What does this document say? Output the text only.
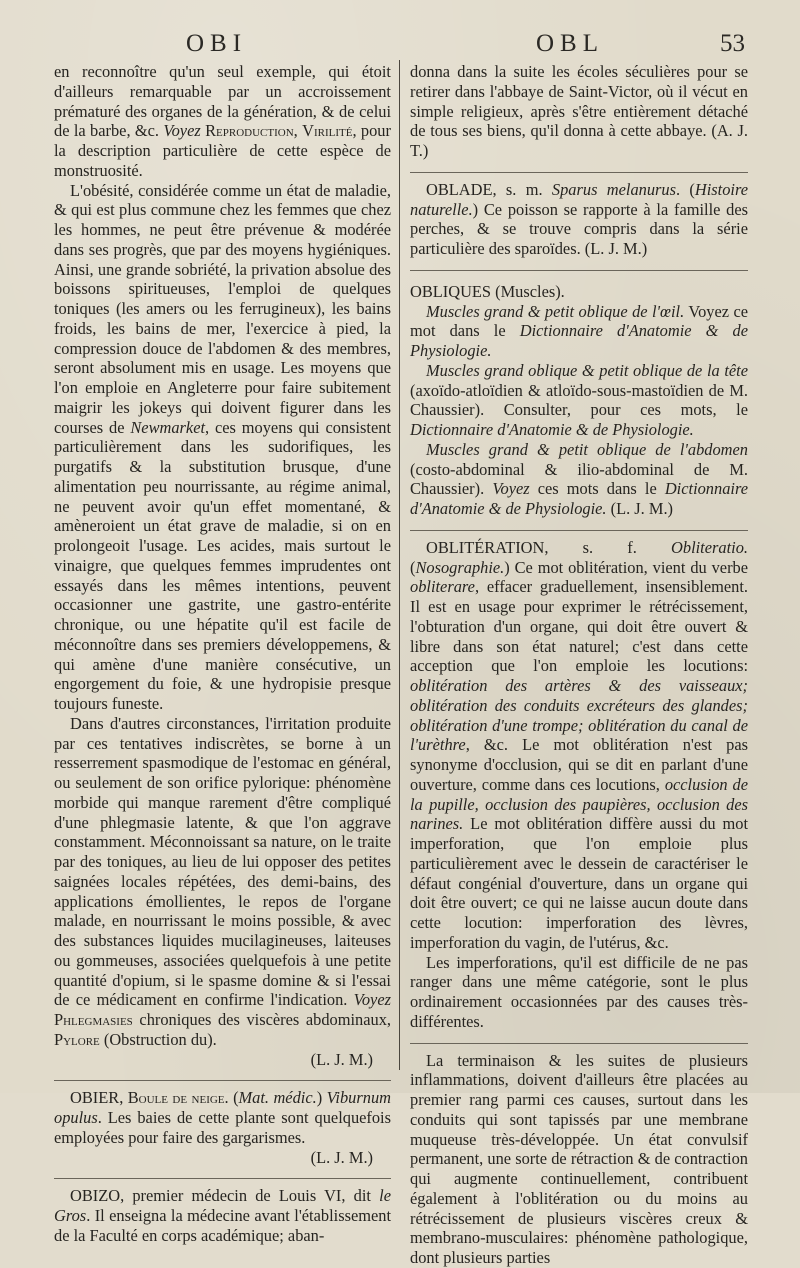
OBI	OBL	53

en reconnoître qu'un seul exemple, qui étoit d'ailleurs remarquable par un accroissement prématuré des organes de la génération, & de celui de la barbe, &c. Voyez Reproduction, Virilité, pour la description particulière de cette espèce de monstruosité.

L'obésité, considérée comme un état de maladie, & qui est plus commune chez les femmes que chez les hommes, ne peut être prévenue & modérée dans ses progrès, que par des moyens hygiéniques. Ainsi, une grande sobriété, la privation absolue des boissons spiritueuses, l'emploi de quelques toniques (les amers ou les ferrugineux), les bains froids, les bains de mer, l'exercice à pied, la compression douce de l'abdomen & des membres, seront absolument mis en usage. Les moyens que l'on emploie en Angleterre pour faire subitement maigrir les jokeys qui doivent figurer dans les courses de Newmarket, ces moyens qui consistent particulièrement dans les sudorifiques, les purgatifs & la substitution brusque, d'une alimentation peu nourrissante, au régime animal, ne peuvent avoir qu'un effet momentané, & amèneroient un état grave de maladie, si on en prolongeoit l'usage. Les acides, mais surtout le vinaigre, que quelques femmes imprudentes ont essayés dans les mêmes intentions, peuvent occasionner une gastrite, une gastro-entérite chronique, ou une hépatite qu'il est facile de méconnoître dans ses premiers développemens, & qui amène d'une manière consécutive, un engorgement du foie, & une hydropisie presque toujours funeste.

Dans d'autres circonstances, l'irritation produite par ces tentatives indiscrètes, se borne à un resserrement spasmodique de l'estomac en général, ou seulement de son orifice pylorique: phénomène morbide qui manque rarement d'être compliqué d'une phlegmasie latente, & que l'on aggrave constamment. Méconnoissant sa nature, on le traite par des toniques, au lieu de lui opposer des petites saignées locales répétées, des demi-bains, des applications émollientes, le repos de l'organe malade, en nourrissant le moins possible, & avec des substances liquides mucilagineuses, laiteuses ou gommeuses, associées quelquefois à une petite quantité d'opium, si le spasme domine & si l'essai de ce médicament en confirme l'indication. Voyez Phlegmasies chroniques des viscères abdominaux, Pylore (Obstruction du).

(L. J. M.)

OBIER, Boule de neige. (Mat. médic.) Viburnum opulus. Les baies de cette plante sont quelquefois employées pour faire des gargarismes.

(L. J. M.)

OBIZO, premier médecin de Louis VI, dit le Gros. Il enseigna la médecine avant l'établissement de la Faculté en corps académique; aban-

donna dans la suite les écoles séculières pour se retirer dans l'abbaye de Saint-Victor, où il vécut en simple religieux, après s'être entièrement détaché de tous ses biens, qu'il donna à cette abbaye. (A. J. T.)

OBLADE, s. m. Sparus melanurus. (Histoire naturelle.) Ce poisson se rapporte à la famille des perches, & se trouve compris dans la série particulière des sparoïdes. (L. J. M.)

OBLIQUES (Muscles).

Muscles grand & petit oblique de l'œil. Voyez ce mot dans le Dictionnaire d'Anatomie & de Physiologie.

Muscles grand oblique & petit oblique de la tête (axoïdo-atloïdien & atloïdo-sous-mastoïdien de M. Chaussier). Consulter, pour ces mots, le Dictionnaire d'Anatomie & de Physiologie.

Muscles grand & petit oblique de l'abdomen (costo-abdominal & ilio-abdominal de M. Chaussier). Voyez ces mots dans le Dictionnaire d'Anatomie & de Physiologie. (L. J. M.)

OBLITÉRATION, s. f. Obliteratio. (Nosographie.) Ce mot oblitération, vient du verbe obliterare, effacer graduellement, insensiblement. Il est en usage pour exprimer le rétrécissement, l'obturation d'un organe, qui doit être ouvert & libre dans son état naturel; c'est dans cette acception que l'on emploie les locutions: oblitération des artères & des vaisseaux; oblitération des conduits excréteurs des glandes; oblitération d'une trompe; oblitération du canal de l'urèthre, &c. Le mot oblitération n'est pas synonyme d'occlusion, qui se dit en parlant d'une ouverture, comme dans ces locutions, occlusion de la pupille, occlusion des paupières, occlusion des narines. Le mot oblitération diffère aussi du mot imperforation, que l'on emploie plus particulièrement avec le dessein de caractériser le défaut congénial d'ouverture, dans un organe qui doit être ouvert; ce qui ne laisse aucun doute dans cette locution: imperforation des lèvres, imperforation du vagin, de l'utérus, &c.

Les imperforations, qu'il est difficile de ne pas ranger dans une même catégorie, sont le plus ordinairement occasionnées par des causes très-différentes.

La terminaison & les suites de plusieurs inflammations, doivent d'ailleurs être placées au premier rang parmi ces causes, surtout dans les conduits qui sont tapissés par une membrane muqueuse très-développée. Un état convulsif permanent, une sorte de rétraction & de contraction qui augmente continuellement, contribuent également à l'oblitération ou du moins au rétrécissement de plusieurs viscères creux & membrano-musculaires: phénomène pathologique, dont plusieurs parties
